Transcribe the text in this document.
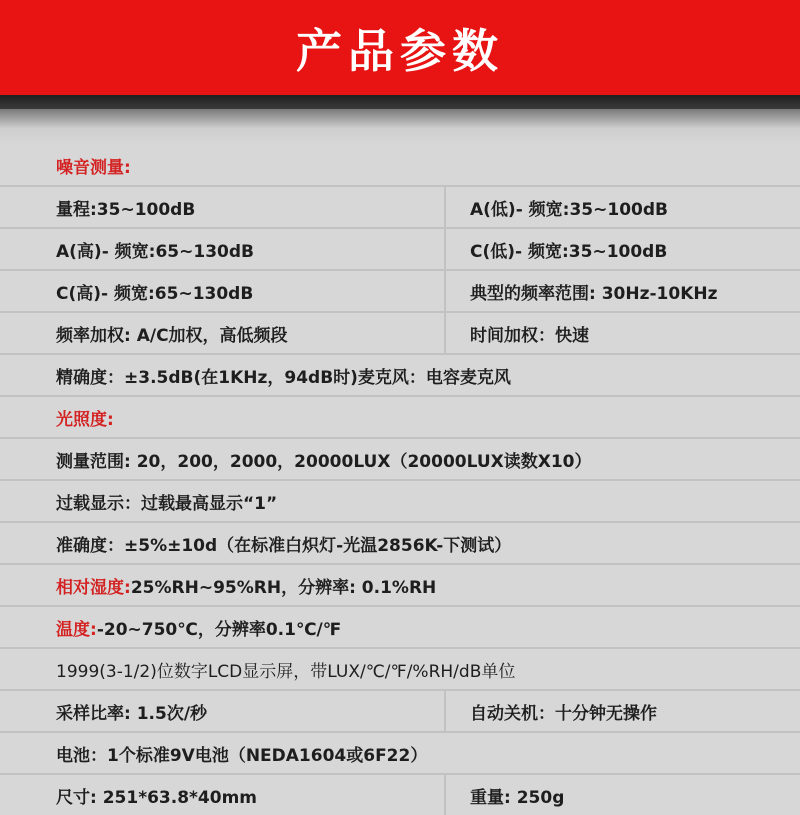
产品参数
噪音测量:
量程:35~100dB	A(低)- 频宽:35~100dB
A(高)- 频宽:65~130dB	C(低)- 频宽:35~100dB
C(高)- 频宽:65~130dB	典型的频率范围: 30Hz-10KHz
频率加权: A/C加权，高低频段	时间加权：快速
精确度：±3.5dB(在1KHz，94dB时)麦克风：电容麦克风
光照度:
测量范围: 20，200，2000，20000LUX（20000LUX读数X10）
过载显示：过载最高显示“1”
准确度：±5%±10d（在标准白炽灯-光温2856K-下测试）
相对湿度: 25%RH~95%RH，分辨率: 0.1%RH
温度: -20~750℃，分辨率0.1℃/℉
1999(3-1/2)位数字LCD显示屏，带LUX/℃/℉/%RH/dB单位
采样比率: 1.5次/秒	自动关机：十分钟无操作
电池：1个标准9V电池（NEDA1604或6F22）
尺寸: 251*63.8*40mm	重量: 250g
